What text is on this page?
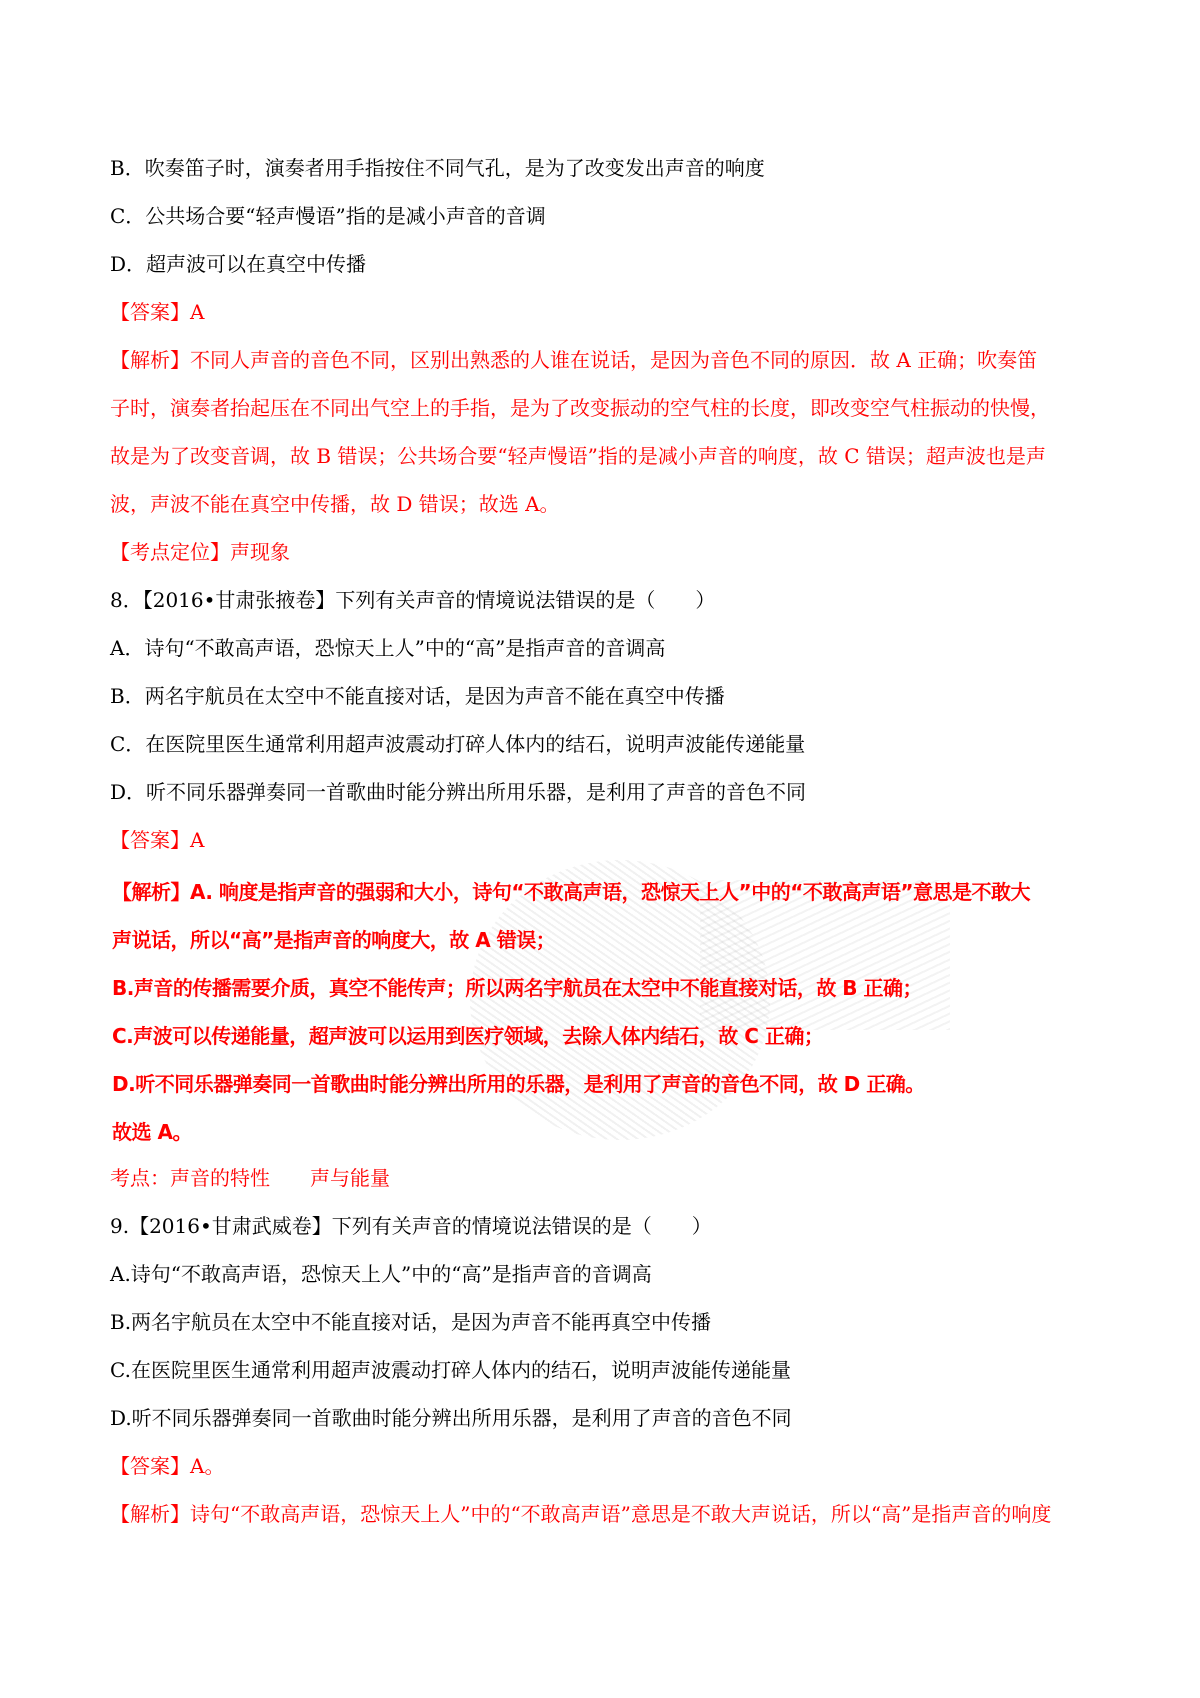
B．吹奏笛子时，演奏者用手指按住不同气孔，是为了改变发出声音的响度
C．公共场合要“轻声慢语”指的是减小声音的音调
D．超声波可以在真空中传播
【答案】A
【解析】不同人声音的音色不同，区别出熟悉的人谁在说话，是因为音色不同的原因．故 A 正确；吹奏笛
子时，演奏者抬起压在不同出气空上的手指，是为了改变振动的空气柱的长度，即改变空气柱振动的快慢，
故是为了改变音调，故 B 错误；公共场合要“轻声慢语”指的是减小声音的响度，故 C 错误；超声波也是声
波，声波不能在真空中传播，故 D 错误；故选 A。
【考点定位】声现象
8．【2016•甘肃张掖卷】下列有关声音的情境说法错误的是（　　）
A．诗句“不敢高声语，恐惊天上人”中的“高”是指声音的音调高
B．两名宇航员在太空中不能直接对话，是因为声音不能在真空中传播
C．在医院里医生通常利用超声波震动打碎人体内的结石，说明声波能传递能量
D．听不同乐器弹奏同一首歌曲时能分辨出所用乐器，是利用了声音的音色不同
【答案】A
【解析】A. 响度是指声音的强弱和大小，诗句“不敢高声语，恐惊天上人”中的“不敢高声语”意思是不敢大
声说话，所以“高”是指声音的响度大，故 A 错误；
B.声音的传播需要介质，真空不能传声；所以两名宇航员在太空中不能直接对话，故 B 正确；
C.声波可以传递能量，超声波可以运用到医疗领域，去除人体内结石，故 C 正确；
D.听不同乐器弹奏同一首歌曲时能分辨出所用的乐器，是利用了声音的音色不同，故 D 正确。
故选 A。
考点：声音的特性　　声与能量
9.【2016•甘肃武威卷】下列有关声音的情境说法错误的是（　　）
A.诗句“不敢高声语，恐惊天上人”中的“高”是指声音的音调高
B.两名宇航员在太空中不能直接对话，是因为声音不能再真空中传播
C.在医院里医生通常利用超声波震动打碎人体内的结石，说明声波能传递能量
D.听不同乐器弹奏同一首歌曲时能分辨出所用乐器，是利用了声音的音色不同
【答案】A。
【解析】诗句“不敢高声语，恐惊天上人”中的“不敢高声语”意思是不敢大声说话，所以“高”是指声音的响度
